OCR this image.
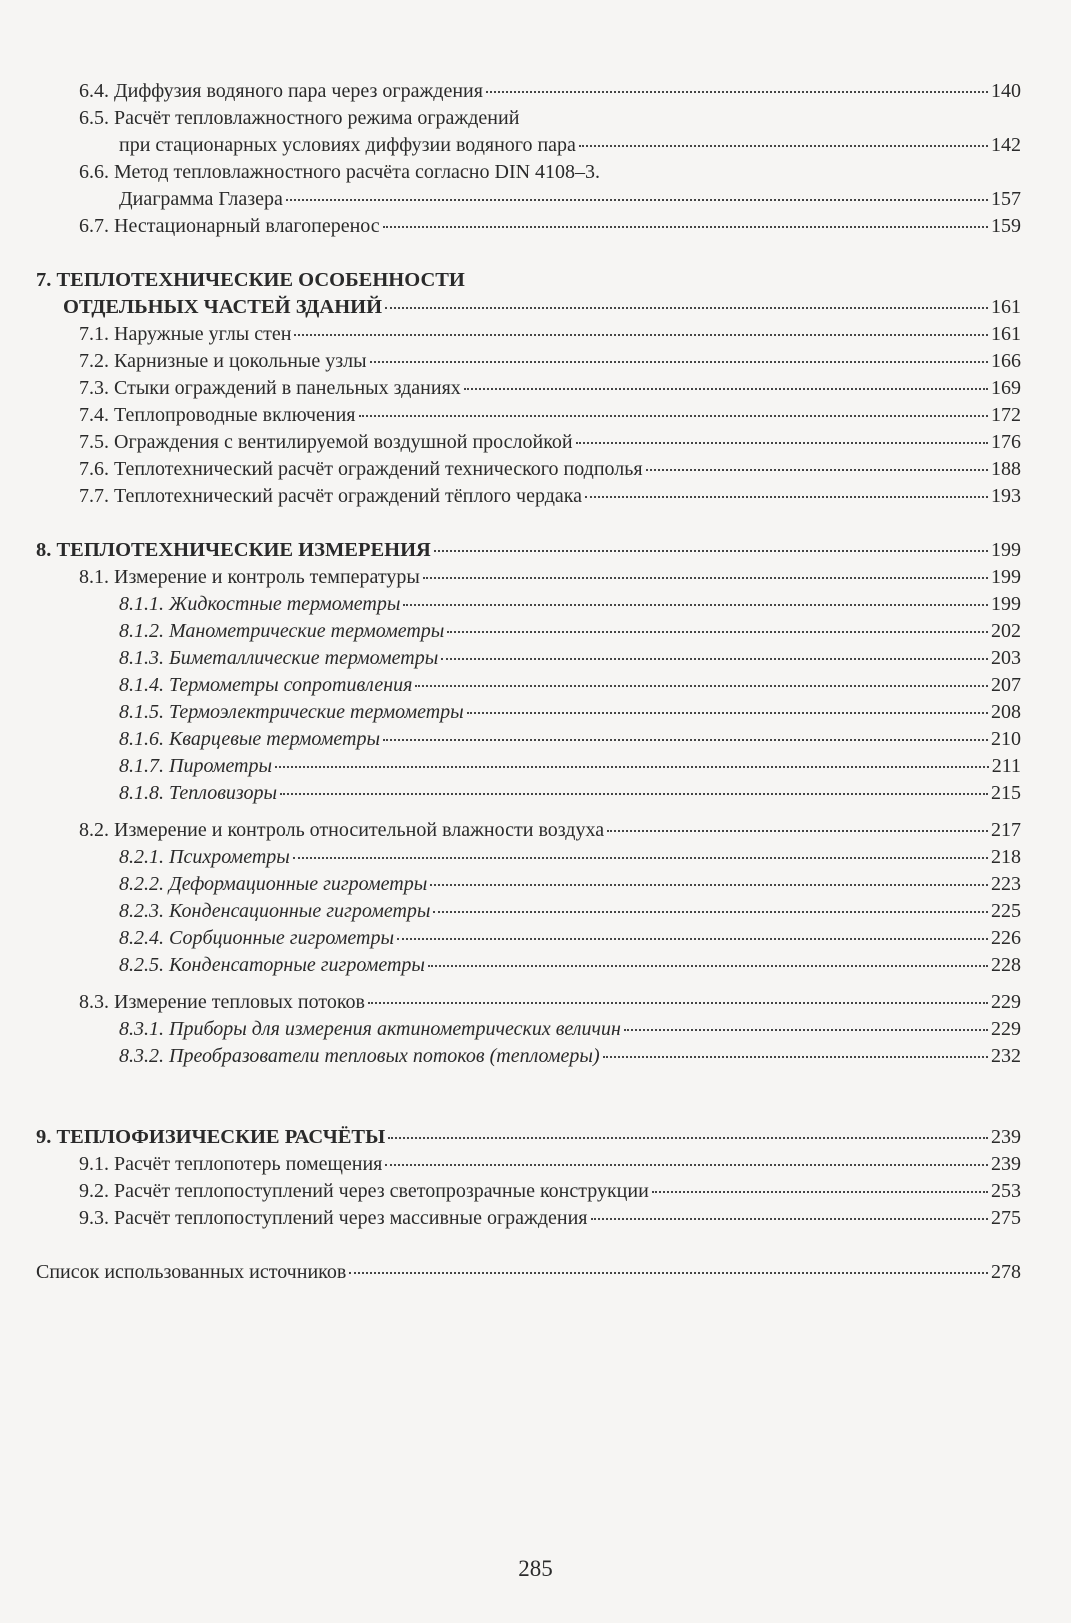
6.4. Диффузия водяного пара через ограждения	140
6.5. Расчёт тепловлажностного режима ограждений
при стационарных условиях диффузии водяного пара	142
6.6. Метод тепловлажностного расчёта согласно DIN 4108–3.
Диаграмма Глазера	157
6.7. Нестационарный влагоперенос	159
7. ТЕПЛОТЕХНИЧЕСКИЕ ОСОБЕННОСТИ
ОТДЕЛЬНЫХ ЧАСТЕЙ ЗДАНИЙ	161
7.1. Наружные углы стен	161
7.2. Карнизные и цокольные узлы	166
7.3. Стыки ограждений в панельных зданиях	169
7.4. Теплопроводные включения	172
7.5. Ограждения с вентилируемой воздушной прослойкой	176
7.6. Теплотехнический расчёт ограждений технического подполья	188
7.7. Теплотехнический расчёт ограждений тёплого чердака	193
8. ТЕПЛОТЕХНИЧЕСКИЕ ИЗМЕРЕНИЯ	199
8.1. Измерение и контроль температуры	199
8.1.1. Жидкостные термометры	199
8.1.2. Манометрические термометры	202
8.1.3. Биметаллические термометры	203
8.1.4. Термометры сопротивления	207
8.1.5. Термоэлектрические термометры	208
8.1.6. Кварцевые термометры	210
8.1.7. Пирометры	211
8.1.8. Тепловизоры	215
8.2. Измерение и контроль относительной влажности воздуха	217
8.2.1. Психрометры	218
8.2.2. Деформационные гигрометры	223
8.2.3. Конденсационные гигрометры	225
8.2.4. Сорбционные гигрометры	226
8.2.5. Конденсаторные гигрометры	228
8.3. Измерение тепловых потоков	229
8.3.1. Приборы для измерения актинометрических величин	229
8.3.2. Преобразователи тепловых потоков (тепломеры)	232
9. ТЕПЛОФИЗИЧЕСКИЕ РАСЧЁТЫ	239
9.1. Расчёт теплопотерь помещения	239
9.2. Расчёт теплопоступлений через светопрозрачные конструкции	253
9.3. Расчёт теплопоступлений через массивные ограждения	275
Список использованных источников	278
285
